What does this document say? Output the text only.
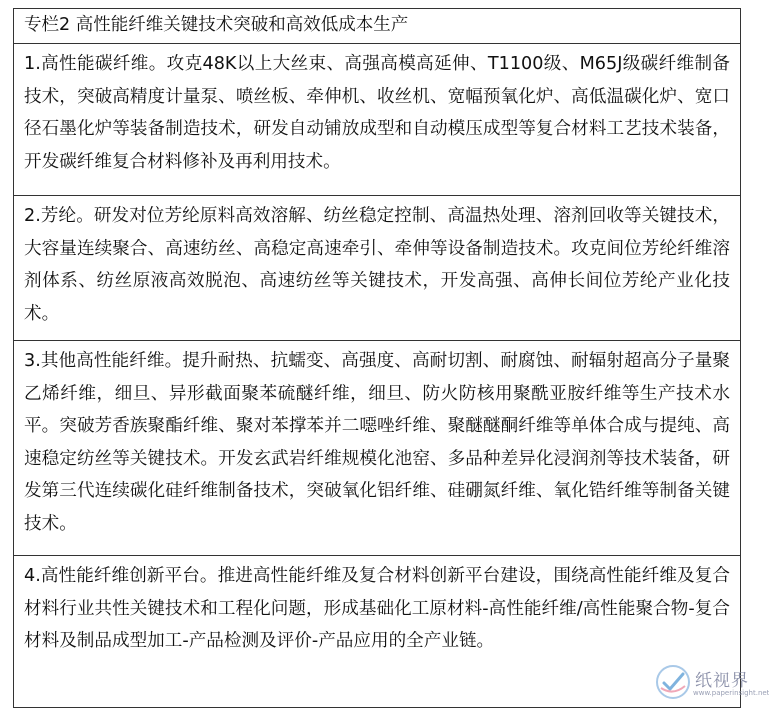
专栏2 高性能纤维关键技术突破和高效低成本生产
1.高性能碳纤维。攻克48K以上大丝束、高强高模高延伸、T1100级、M65J级碳纤维制备技术，突破高精度计量泵、喷丝板、牵伸机、收丝机、宽幅预氧化炉、高低温碳化炉、宽口径石墨化炉等装备制造技术，研发自动铺放成型和自动模压成型等复合材料工艺技术装备，开发碳纤维复合材料修补及再利用技术。
2.芳纶。研发对位芳纶原料高效溶解、纺丝稳定控制、高温热处理、溶剂回收等关键技术，大容量连续聚合、高速纺丝、高稳定高速牵引、牵伸等设备制造技术。攻克间位芳纶纤维溶剂体系、纺丝原液高效脱泡、高速纺丝等关键技术，开发高强、高伸长间位芳纶产业化技术。
3.其他高性能纤维。提升耐热、抗蠕变、高强度、高耐切割、耐腐蚀、耐辐射超高分子量聚乙烯纤维，细旦、异形截面聚苯硫醚纤维，细旦、防火防核用聚酰亚胺纤维等生产技术水平。突破芳香族聚酯纤维、聚对苯撑苯并二噁唑纤维、聚醚醚酮纤维等单体合成与提纯、高速稳定纺丝等关键技术。开发玄武岩纤维规模化池窑、多品种差异化浸润剂等技术装备，研发第三代连续碳化硅纤维制备技术，突破氧化铝纤维、硅硼氮纤维、氧化锆纤维等制备关键技术。
4.高性能纤维创新平台。推进高性能纤维及复合材料创新平台建设，围绕高性能纤维及复合材料行业共性关键技术和工程化问题，形成基础化工原材料-高性能纤维/高性能聚合物-复合材料及制品成型加工-产品检测及评价-产品应用的全产业链。
纸视界
www.paperinsight.net
